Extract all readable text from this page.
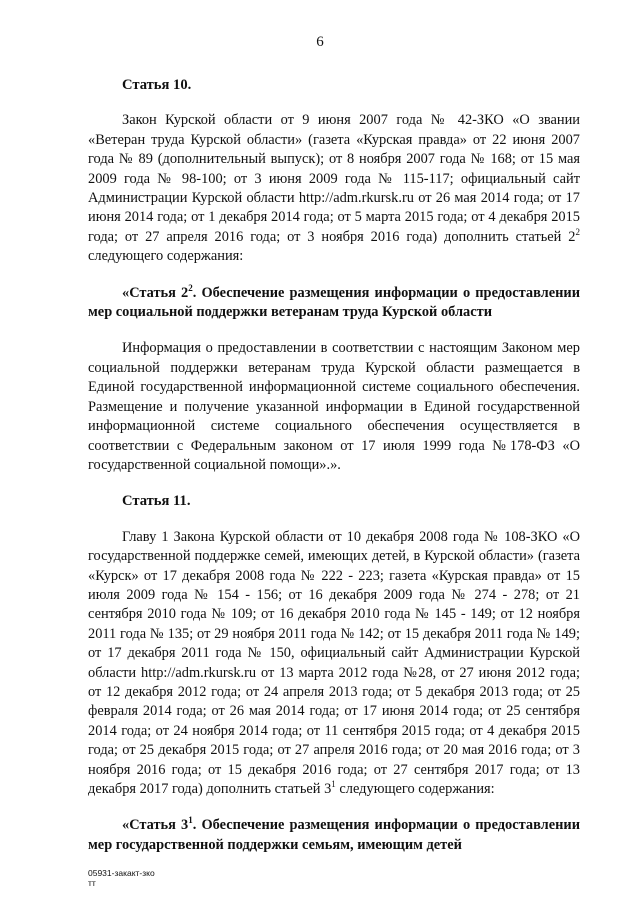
6
Статья 10.

Закон Курской области от 9 июня 2007 года № 42-ЗКО «О звании «Ветеран труда Курской области» (газета «Курская правда» от 22 июня 2007 года № 89 (дополнительный выпуск); от 8 ноября 2007 года № 168; от 15 мая 2009 года № 98-100; от 3 июня 2009 года № 115-117; официальный сайт Администрации Курской области http://adm.rkursk.ru от 26 мая 2014 года; от 17 июня 2014 года; от 1 декабря 2014 года; от 5 марта 2015 года; от 4 декабря 2015 года; от 27 апреля 2016 года; от 3 ноября 2016 года) дополнить статьей $2^2$ следующего содержания:

«Статья $2^2$. Обеспечение размещения информации о предоставлении мер социальной поддержки ветеранам труда Курской области

Информация о предоставлении в соответствии с настоящим Законом мер социальной поддержки ветеранам труда Курской области размещается в Единой государственной информационной системе социального обеспечения. Размещение и получение указанной информации в Единой государственной информационной системе социального обеспечения осуществляется в соответствии с Федеральным законом от 17 июля 1999 года №178-ФЗ «О государственной социальной помощи».».

Статья 11.

Главу 1 Закона Курской области от 10 декабря 2008 года № 108-ЗКО «О государственной поддержке семей, имеющих детей, в Курской области» (газета «Курск» от 17 декабря 2008 года № 222 - 223; газета «Курская правда» от 15 июля 2009 года № 154 - 156; от 16 декабря 2009 года № 274 - 278; от 21 сентября 2010 года № 109; от 16 декабря 2010 года № 145 - 149; от 12 ноября 2011 года № 135; от 29 ноября 2011 года № 142; от 15 декабря 2011 года № 149; от 17 декабря 2011 года № 150, официальный сайт Администрации Курской области http://adm.rkursk.ru от 13 марта 2012 года №28, от 27 июня 2012 года; от 12 декабря 2012 года; от 24 апреля 2013 года; от 5 декабря 2013 года; от 25 февраля 2014 года; от 26 мая 2014 года; от 17 июня 2014 года; от 25 сентября 2014 года; от 24 ноября 2014 года; от 11 сентября 2015 года; от 4 декабря 2015 года; от 25 декабря 2015 года; от 27 апреля 2016 года; от 20 мая 2016 года; от 3 ноября 2016 года; от 15 декабря 2016 года; от 27 сентября 2017 года; от 13 декабря 2017 года) дополнить статьей $3^1$ следующего содержания:

«Статья $3^1$. Обеспечение размещения информации о предоставлении мер государственной поддержки семьям, имеющим детей

05931-закакт-зко
тт
